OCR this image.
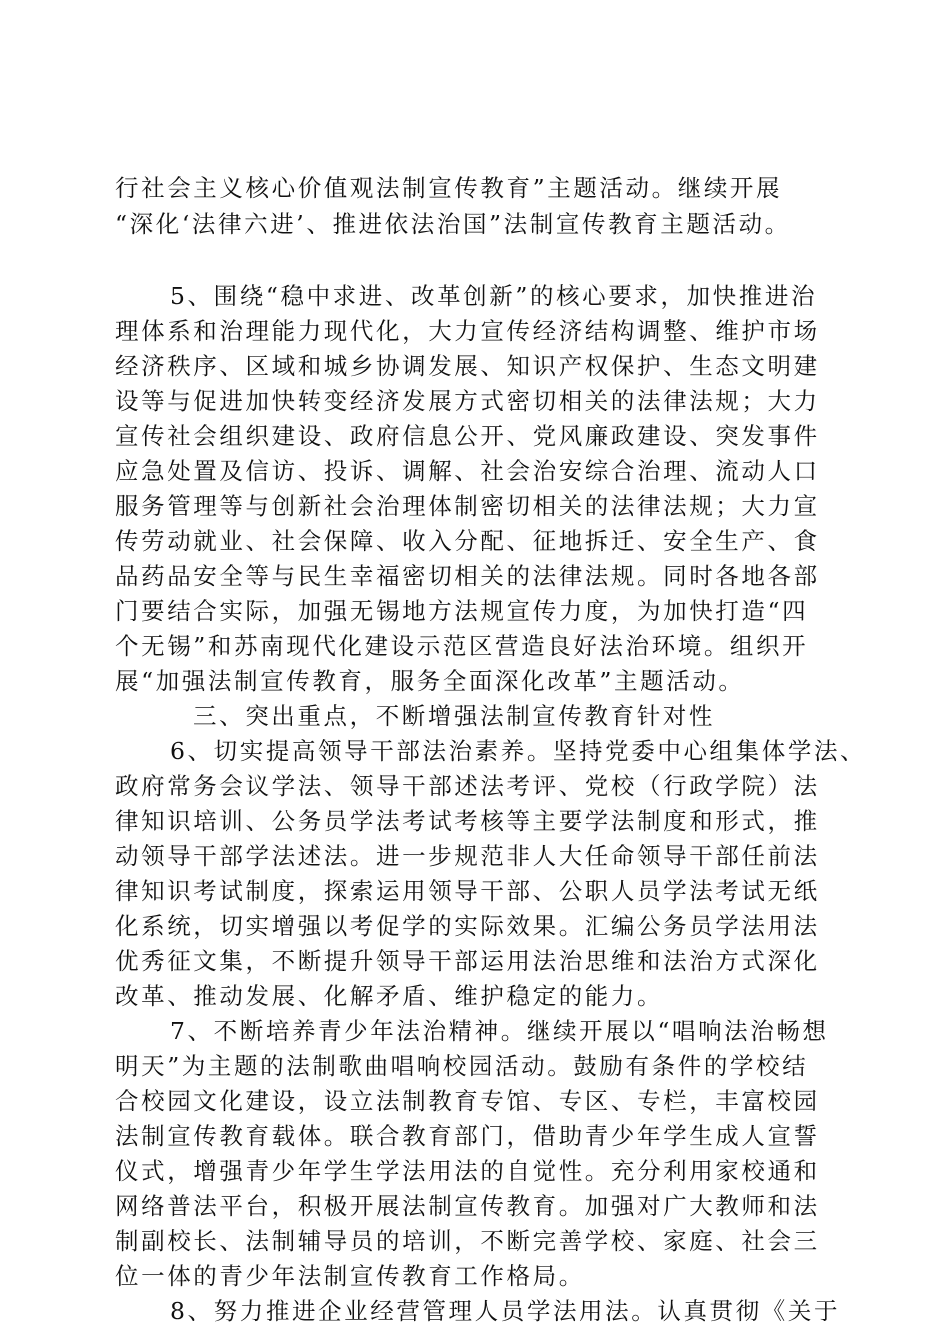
行社会主义核心价值观法制宣传教育”主题活动。继续开展

“深化‘法律六进’、推进依法治国”法制宣传教育主题活动。

5、围绕“稳中求进、改革创新”的核心要求，加快推进治

理体系和治理能力现代化，大力宣传经济结构调整、维护市场

经济秩序、区域和城乡协调发展、知识产权保护、生态文明建

设等与促进加快转变经济发展方式密切相关的法律法规；大力

宣传社会组织建设、政府信息公开、党风廉政建设、突发事件

应急处置及信访、投诉、调解、社会治安综合治理、流动人口

服务管理等与创新社会治理体制密切相关的法律法规；大力宣

传劳动就业、社会保障、收入分配、征地拆迁、安全生产、食

品药品安全等与民生幸福密切相关的法律法规。同时各地各部

门要结合实际，加强无锡地方法规宣传力度，为加快打造“四

个无锡”和苏南现代化建设示范区营造良好法治环境。组织开

展“加强法制宣传教育，服务全面深化改革”主题活动。

三、突出重点，不断增强法制宣传教育针对性

6、切实提高领导干部法治素养。坚持党委中心组集体学法、

政府常务会议学法、领导干部述法考评、党校（行政学院）法

律知识培训、公务员学法考试考核等主要学法制度和形式，推

动领导干部学法述法。进一步规范非人大任命领导干部任前法

律知识考试制度，探索运用领导干部、公职人员学法考试无纸

化系统，切实增强以考促学的实际效果。汇编公务员学法用法

优秀征文集，不断提升领导干部运用法治思维和法治方式深化

改革、推动发展、化解矛盾、维护稳定的能力。

7、不断培养青少年法治精神。继续开展以“唱响法治畅想

明天”为主题的法制歌曲唱响校园活动。鼓励有条件的学校结

合校园文化建设，设立法制教育专馆、专区、专栏，丰富校园

法制宣传教育载体。联合教育部门，借助青少年学生成人宣誓

仪式，增强青少年学生学法用法的自觉性。充分利用家校通和

网络普法平台，积极开展法制宣传教育。加强对广大教师和法

制副校长、法制辅导员的培训，不断完善学校、家庭、社会三

位一体的青少年法制宣传教育工作格局。

8、努力推进企业经营管理人员学法用法。认真贯彻《关于
